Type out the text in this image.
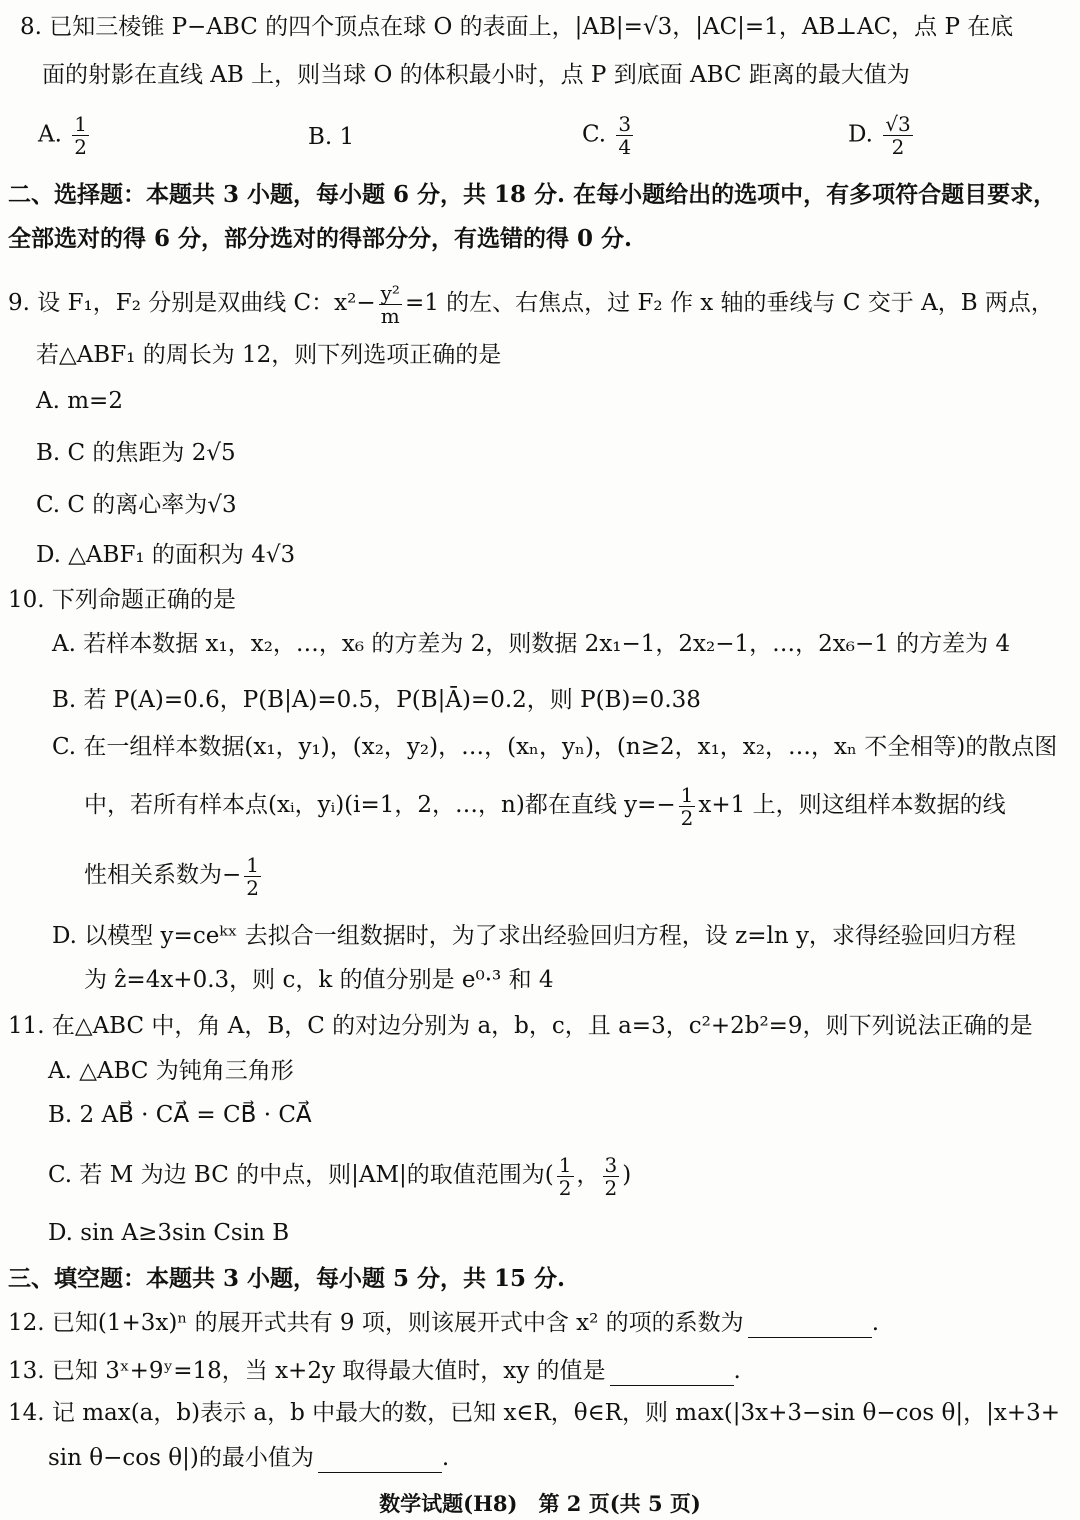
8. 已知三棱锥 P−ABC 的四个顶点在球 O 的表面上，|AB|=√3，|AC|=1，AB⊥AC，点 P 在底
面的射影在直线 AB 上，则当球 O 的体积最小时，点 P 到底面 ABC 距离的最大值为
A. $\frac{1}{2}$	B. 1	C. $\frac{3}{4}$	D. $\frac{√3}{2}$
二、选择题：本题共 3 小题，每小题 6 分，共 18 分. 在每小题给出的选项中，有多项符合题目要求，
全部选对的得 6 分，部分选对的得部分分，有选错的得 0 分.
9. 设 F₁，F₂ 分别是双曲线 C：$x^2- \frac{\text{y²}}{m} =1$ 的左、右焦点，过 F₂ 作 x 轴的垂线与 C 交于 A，B 两点，
若△ABF₁ 的周长为 12，则下列选项正确的是
A. m=2
B. C 的焦距为 2√5
C. C 的离心率为√3
D. △ABF₁ 的面积为 4√3
10. 下列命题正确的是
A. 若样本数据 x₁，x₂，…，x₆ 的方差为 2，则数据 2x₁−1，2x₂−1，…，2x₆−1 的方差为 4
B. 若 P(A)=0.6，P(B|A)=0.5，P(B|Ā)=0.2，则 P(B)=0.38
C. 在一组样本数据(x₁，y₁)，(x₂，y₂)，…，(xₙ，yₙ)，(n≥2，x₁，x₂，…，xₙ 不全相等)的散点图
中，若所有样本点(xᵢ，yᵢ)(i=1，2，…，n)都在直线 $y=- \frac{1}{2} x+1$ 上，则这组样本数据的线
性相关系数为− $\frac{1}{2}$
D. 以模型 y=ceᵏˣ 去拟合一组数据时，为了求出经验回归方程，设 z=ln y，求得经验回归方程
为 ẑ=4x+0.3，则 c，k 的值分别是 e⁰·³ 和 4
11. 在△ABC 中，角 A，B，C 的对边分别为 a，b，c，且 a=3，c²+2b²=9，则下列说法正确的是
A. △ABC 为钝角三角形
B. 2 AB⃗ · CA⃗ = CB⃗ · CA⃗
C. 若 M 为边 BC 的中点，则|AM|的取值范围为( $\frac{1}{2}$ ， $\frac{3}{2}$ )
D. sin A≥3sin Csin B
三、填空题：本题共 3 小题，每小题 5 分，共 15 分.
12. 已知(1+3x)ⁿ 的展开式共有 9 项，则该展开式中含 x² 的项的系数为	.
13. 已知 3ˣ+9ʸ=18，当 x+2y 取得最大值时，xy 的值是	.
14. 记 max(a，b)表示 a，b 中最大的数，已知 x∈R，θ∈R，则 max(|3x+3−sin θ−cos θ|，|x+3+
sin θ−cos θ|)的最小值为	.
数学试题(H8)　第 2 页(共 5 页)
